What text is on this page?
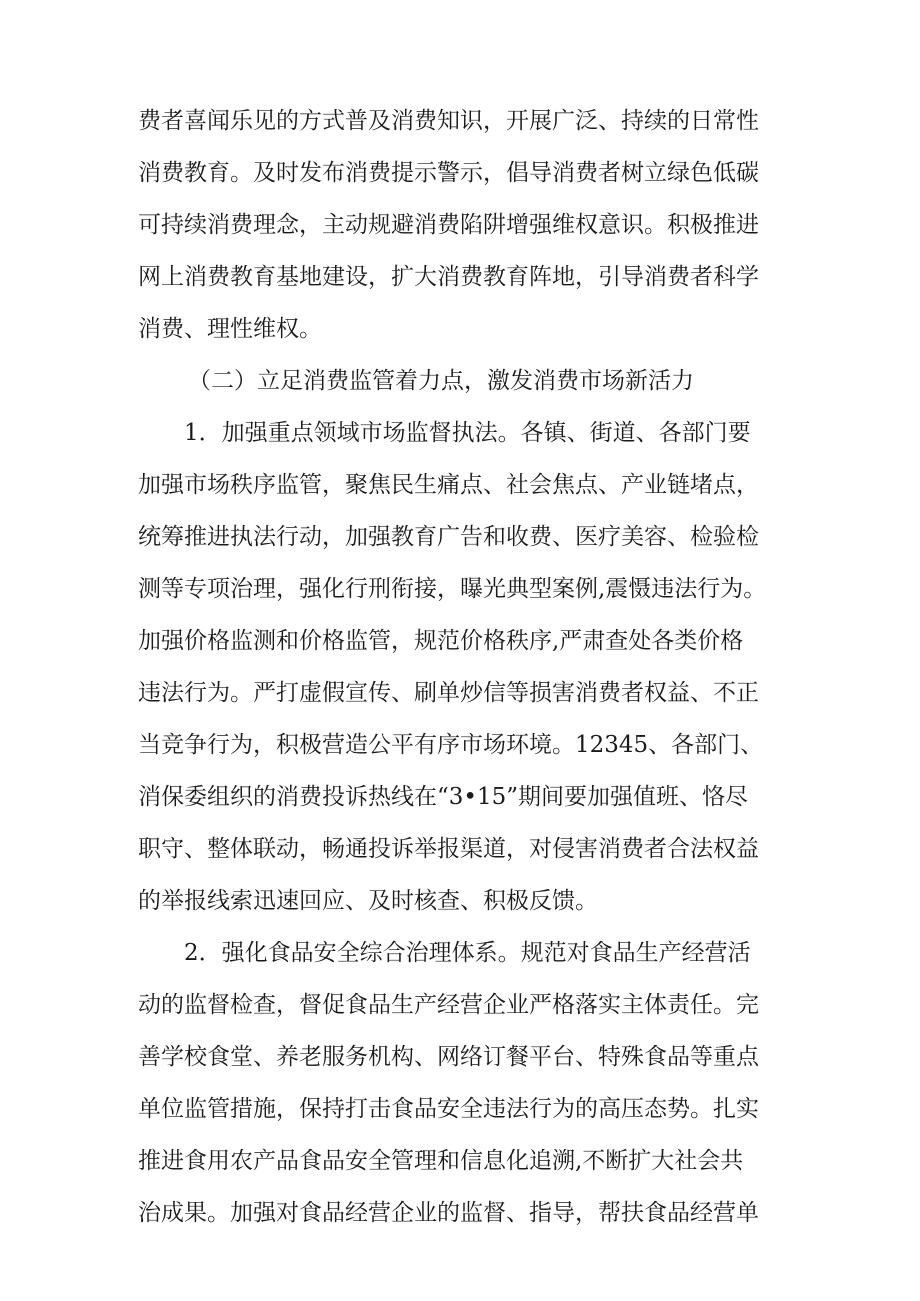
费者喜闻乐见的方式普及消费知识，开展广泛、持续的日常性
消费教育。及时发布消费提示警示，倡导消费者树立绿色低碳
可持续消费理念，主动规避消费陷阱增强维权意识。积极推进
网上消费教育基地建设，扩大消费教育阵地，引导消费者科学
消费、理性维权。
（二）立足消费监管着力点，激发消费市场新活力
1．加强重点领域市场监督执法。各镇、街道、各部门要
加强市场秩序监管，聚焦民生痛点、社会焦点、产业链堵点，
统筹推进执法行动，加强教育广告和收费、医疗美容、检验检
测等专项治理，强化行刑衔接，曝光典型案例,震慑违法行为。
加强价格监测和价格监管，规范价格秩序,严肃查处各类价格
违法行为。严打虚假宣传、刷单炒信等损害消费者权益、不正
当竞争行为，积极营造公平有序市场环境。12345、各部门、
消保委组织的消费投诉热线在“3•15”期间要加强值班、恪尽
职守、整体联动，畅通投诉举报渠道，对侵害消费者合法权益
的举报线索迅速回应、及时核查、积极反馈。
2．强化食品安全综合治理体系。规范对食品生产经营活
动的监督检查，督促食品生产经营企业严格落实主体责任。完
善学校食堂、养老服务机构、网络订餐平台、特殊食品等重点
单位监管措施，保持打击食品安全违法行为的高压态势。扎实
推进食用农产品食品安全管理和信息化追溯,不断扩大社会共
治成果。加强对食品经营企业的监督、指导，帮扶食品经营单
